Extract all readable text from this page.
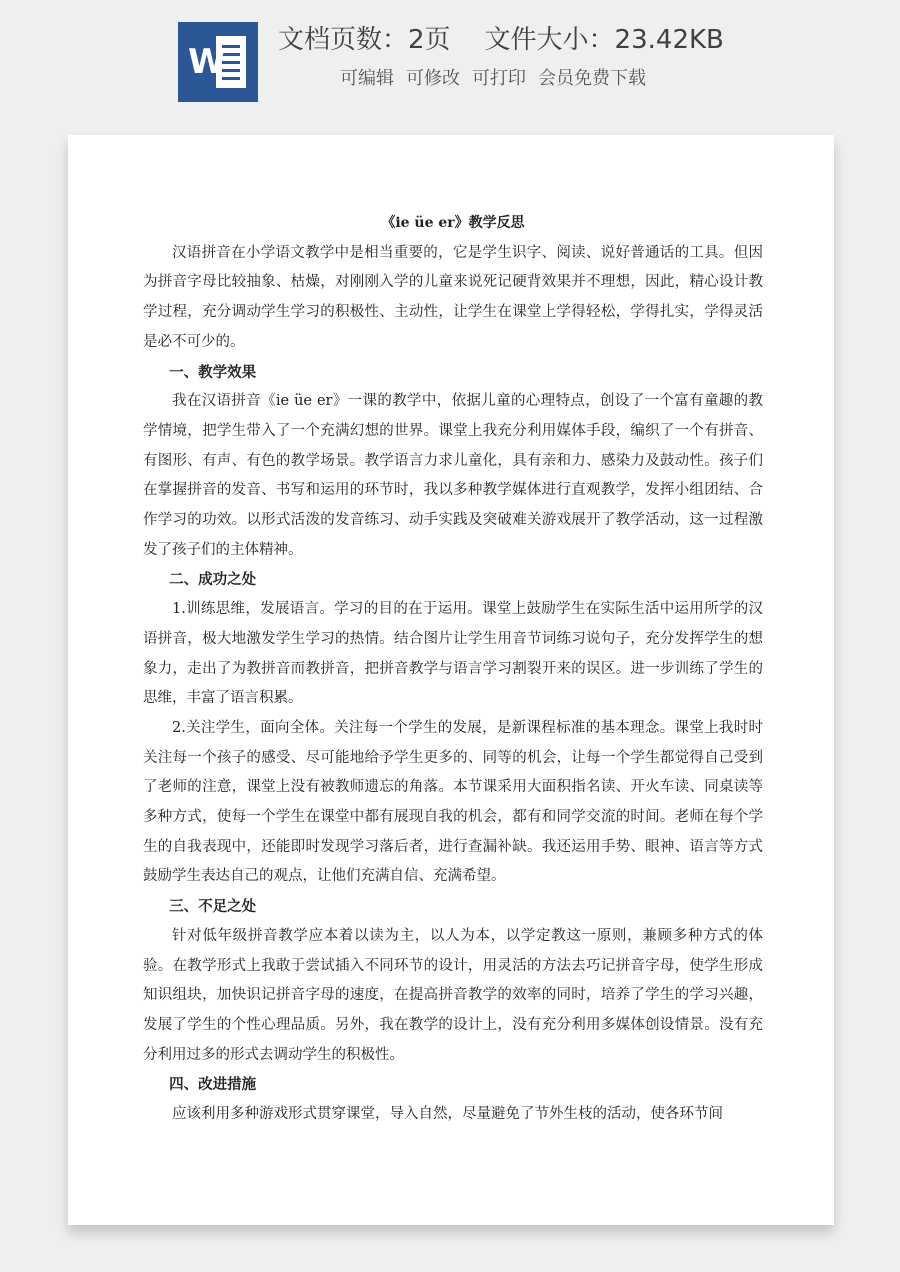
W
文档页数：2页 文件大小：23.42KB
可编辑 可修改 可打印 会员免费下载

《ie üe er》教学反思

汉语拼音在小学语文教学中是相当重要的，它是学生识字、阅读、说好普通话的工具。但因为拼音字母比较抽象、枯燥，对刚刚入学的儿童来说死记硬背效果并不理想，因此，精心设计教学过程，充分调动学生学习的积极性、主动性，让学生在课堂上学得轻松，学得扎实，学得灵活是必不可少的。

一、教学效果

我在汉语拼音《ie üe er》一课的教学中，依据儿童的心理特点，创设了一个富有童趣的教学情境，把学生带入了一个充满幻想的世界。课堂上我充分利用媒体手段，编织了一个有拼音、有图形、有声、有色的教学场景。教学语言力求儿童化，具有亲和力、感染力及鼓动性。孩子们在掌握拼音的发音、书写和运用的环节时，我以多种教学媒体进行直观教学，发挥小组团结、合作学习的功效。以形式活泼的发音练习、动手实践及突破难关游戏展开了教学活动，这一过程激发了孩子们的主体精神。

二、成功之处

1.训练思维，发展语言。学习的目的在于运用。课堂上鼓励学生在实际生活中运用所学的汉语拼音，极大地激发学生学习的热情。结合图片让学生用音节词练习说句子，充分发挥学生的想象力，走出了为教拼音而教拼音，把拼音教学与语言学习割裂开来的误区。进一步训练了学生的思维，丰富了语言积累。

2.关注学生，面向全体。关注每一个学生的发展，是新课程标准的基本理念。课堂上我时时关注每一个孩子的感受、尽可能地给予学生更多的、同等的机会，让每一个学生都觉得自己受到了老师的注意，课堂上没有被教师遗忘的角落。本节课采用大面积指名读、开火车读、同桌读等多种方式，使每一个学生在课堂中都有展现自我的机会，都有和同学交流的时间。老师在每个学生的自我表现中，还能即时发现学习落后者，进行查漏补缺。我还运用手势、眼神、语言等方式鼓励学生表达自己的观点，让他们充满自信、充满希望。

三、不足之处

针对低年级拼音教学应本着以读为主，以人为本，以学定教这一原则，兼顾多种方式的体验。在教学形式上我敢于尝试插入不同环节的设计，用灵活的方法去巧记拼音字母，使学生形成知识组块，加快识记拼音字母的速度，在提高拼音教学的效率的同时，培养了学生的学习兴趣，发展了学生的个性心理品质。另外，我在教学的设计上，没有充分利用多媒体创设情景。没有充分利用过多的形式去调动学生的积极性。

四、改进措施

应该利用多种游戏形式贯穿课堂，导入自然，尽量避免了节外生枝的活动，使各环节间
